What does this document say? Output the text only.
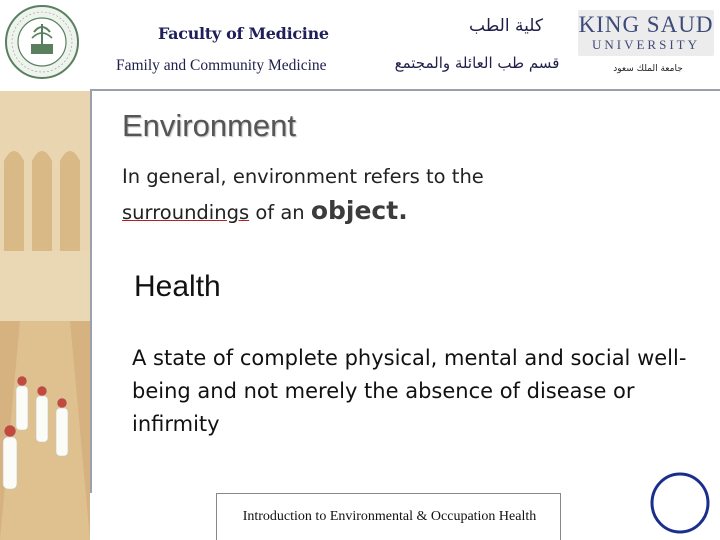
Faculty of Medicine
Family and Community Medicine
كلية الطب
قسم طب العائلة والمجتمع
KING SAUD
UNIVERSITY
جامعة الملك سعود
Environment
In general, environment refers to the
surroundings of an object.
Health
A state of complete physical, mental and social well-being and not merely the absence of disease or infirmity
Introduction to Environmental & Occupation Health
